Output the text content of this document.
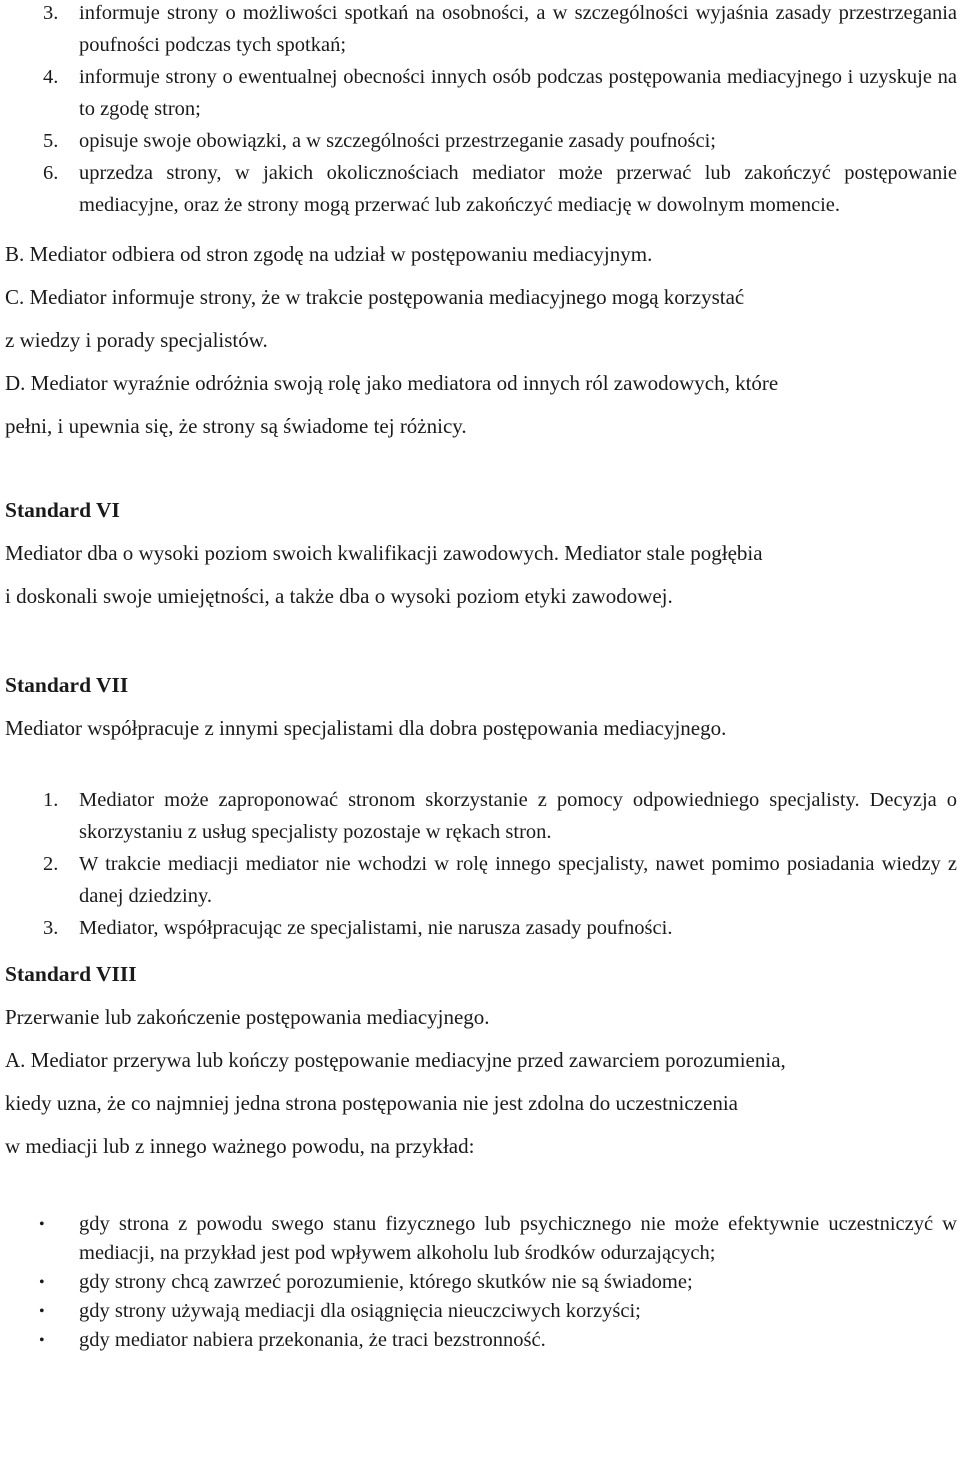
3. informuje strony o możliwości spotkań na osobności, a w szczególności wyjaśnia zasady przestrzegania poufności podczas tych spotkań;
4. informuje strony o ewentualnej obecności innych osób podczas postępowania mediacyjnego i uzyskuje na to zgodę stron;
5. opisuje swoje obowiązki, a w szczególności przestrzeganie zasady poufności;
6. uprzedza strony, w jakich okolicznościach mediator może przerwać lub zakończyć postępowanie mediacyjne, oraz że strony mogą przerwać lub zakończyć mediację w dowolnym momencie.

B. Mediator odbiera od stron zgodę na udział w postępowaniu mediacyjnym.

C. Mediator informuje strony, że w trakcie postępowania mediacyjnego mogą korzystać

z wiedzy i porady specjalistów.

D. Mediator wyraźnie odróżnia swoją rolę jako mediatora od innych ról zawodowych, które

pełni, i upewnia się, że strony są świadome tej różnicy.

Standard VI

Mediator dba o wysoki poziom swoich kwalifikacji zawodowych. Mediator stale pogłębia

i doskonali swoje umiejętności, a także dba o wysoki poziom etyki zawodowej.

Standard VII

Mediator współpracuje z innymi specjalistami dla dobra postępowania mediacyjnego.

1. Mediator może zaproponować stronom skorzystanie z pomocy odpowiedniego specjalisty. Decyzja o skorzystaniu z usług specjalisty pozostaje w rękach stron.
2. W trakcie mediacji mediator nie wchodzi w rolę innego specjalisty, nawet pomimo posiadania wiedzy z danej dziedziny.
3. Mediator, współpracując ze specjalistami, nie narusza zasady poufności.

Standard VIII

Przerwanie lub zakończenie postępowania mediacyjnego.

A. Mediator przerywa lub kończy postępowanie mediacyjne przed zawarciem porozumienia,

kiedy uzna, że co najmniej jedna strona postępowania nie jest zdolna do uczestniczenia

w mediacji lub z innego ważnego powodu, na przykład:

• gdy strona z powodu swego stanu fizycznego lub psychicznego nie może efektywnie uczestniczyć w mediacji, na przykład jest pod wpływem alkoholu lub środków odurzających;
• gdy strony chcą zawrzeć porozumienie, którego skutków nie są świadome;
• gdy strony używają mediacji dla osiągnięcia nieuczciwych korzyści;
• gdy mediator nabiera przekonania, że traci bezstronność.
